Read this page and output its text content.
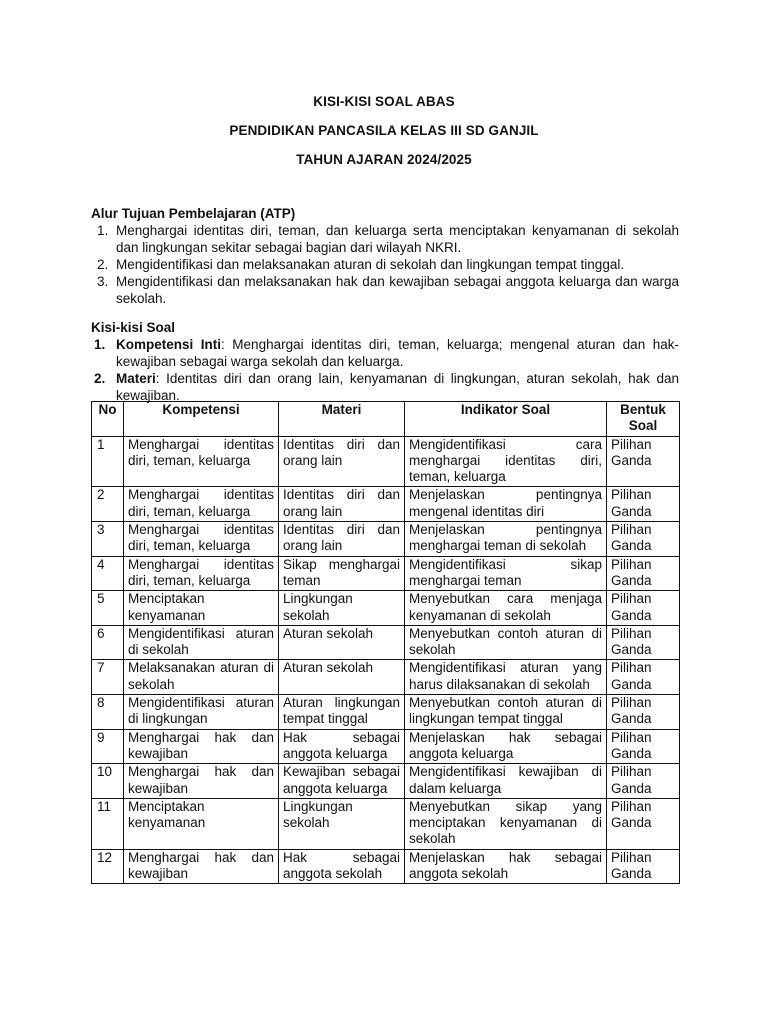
KISI-KISI SOAL ABAS
PENDIDIKAN PANCASILA KELAS III SD GANJIL
TAHUN AJARAN 2024/2025
Alur Tujuan Pembelajaran (ATP)
1. Menghargai identitas diri, teman, dan keluarga serta menciptakan kenyamanan di sekolah dan lingkungan sekitar sebagai bagian dari wilayah NKRI.
2. Mengidentifikasi dan melaksanakan aturan di sekolah dan lingkungan tempat tinggal.
3. Mengidentifikasi dan melaksanakan hak dan kewajiban sebagai anggota keluarga dan warga sekolah.
Kisi-kisi Soal
1. Kompetensi Inti: Menghargai identitas diri, teman, keluarga; mengenal aturan dan hak-kewajiban sebagai warga sekolah dan keluarga.
2. Materi: Identitas diri dan orang lain, kenyamanan di lingkungan, aturan sekolah, hak dan kewajiban.
No	Kompetensi	Materi	Indikator Soal	Bentuk Soal
1	Menghargai identitas diri, teman, keluarga	Identitas diri dan orang lain	Mengidentifikasi cara menghargai identitas diri, teman, keluarga	Pilihan Ganda
2	Menghargai identitas diri, teman, keluarga	Identitas diri dan orang lain	Menjelaskan pentingnya mengenal identitas diri	Pilihan Ganda
3	Menghargai identitas diri, teman, keluarga	Identitas diri dan orang lain	Menjelaskan pentingnya menghargai teman di sekolah	Pilihan Ganda
4	Menghargai identitas diri, teman, keluarga	Sikap menghargai teman	Mengidentifikasi sikap menghargai teman	Pilihan Ganda
5	Menciptakan kenyamanan	Lingkungan sekolah	Menyebutkan cara menjaga kenyamanan di sekolah	Pilihan Ganda
6	Mengidentifikasi aturan di sekolah	Aturan sekolah	Menyebutkan contoh aturan di sekolah	Pilihan Ganda
7	Melaksanakan aturan di sekolah	Aturan sekolah	Mengidentifikasi aturan yang harus dilaksanakan di sekolah	Pilihan Ganda
8	Mengidentifikasi aturan di lingkungan	Aturan lingkungan tempat tinggal	Menyebutkan contoh aturan di lingkungan tempat tinggal	Pilihan Ganda
9	Menghargai hak dan kewajiban	Hak sebagai anggota keluarga	Menjelaskan hak sebagai anggota keluarga	Pilihan Ganda
10	Menghargai hak dan kewajiban	Kewajiban sebagai anggota keluarga	Mengidentifikasi kewajiban di dalam keluarga	Pilihan Ganda
11	Menciptakan kenyamanan	Lingkungan sekolah	Menyebutkan sikap yang menciptakan kenyamanan di sekolah	Pilihan Ganda
12	Menghargai hak dan kewajiban	Hak sebagai anggota sekolah	Menjelaskan hak sebagai anggota sekolah	Pilihan Ganda
